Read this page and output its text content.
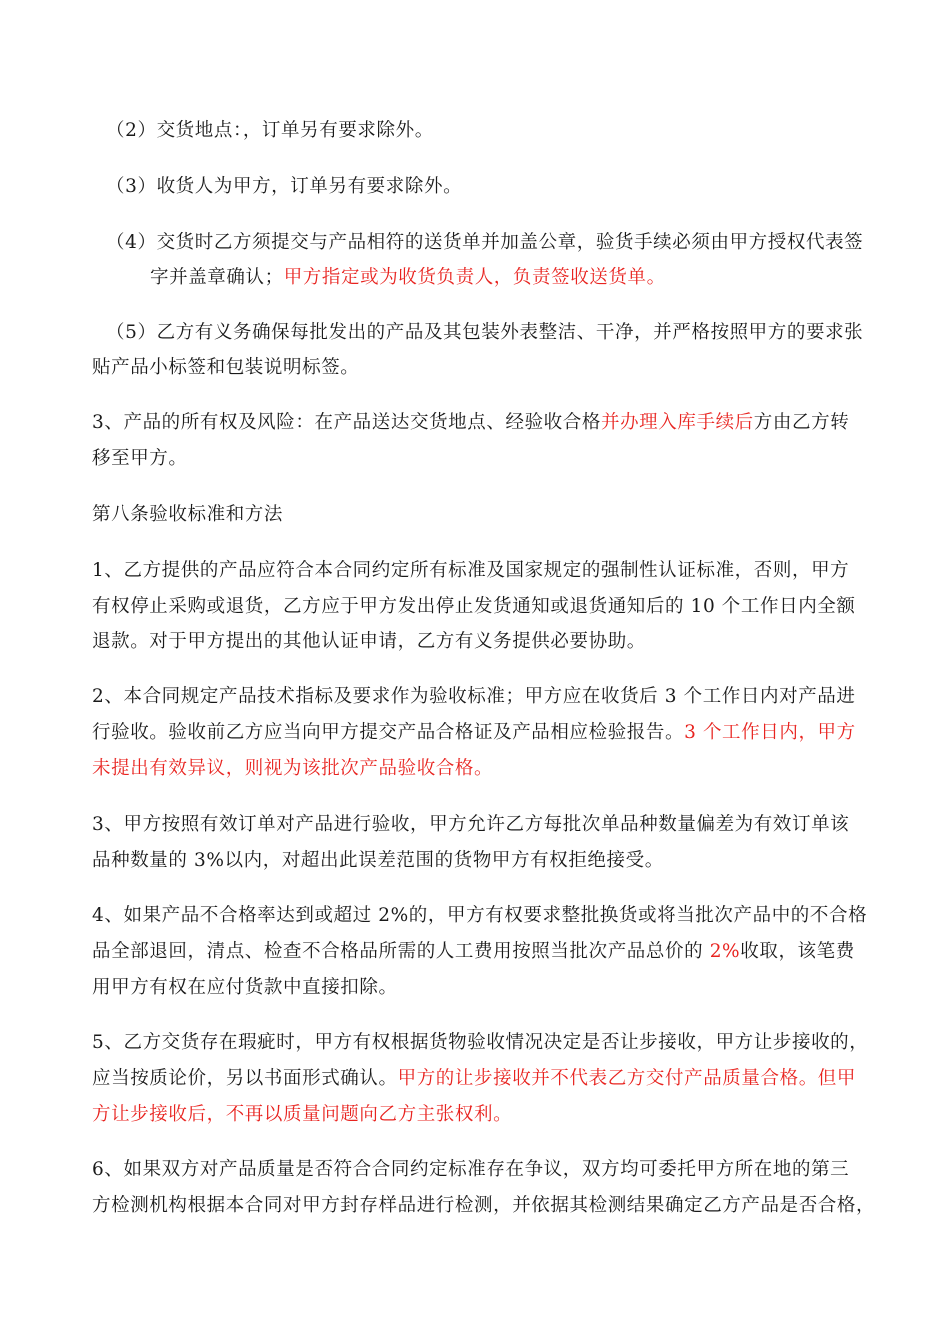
（2）交货地点：，订单另有要求除外。
（3）收货人为甲方，订单另有要求除外。
（4）交货时乙方须提交与产品相符的送货单并加盖公章，验货手续必须由甲方授权代表签
字并盖章确认；甲方指定或为收货负责人，负责签收送货单。
（5）乙方有义务确保每批发出的产品及其包装外表整洁、干净，并严格按照甲方的要求张
贴产品小标签和包装说明标签。
3、产品的所有权及风险：在产品送达交货地点、经验收合格并办理入库手续后方由乙方转
移至甲方。
第八条验收标准和方法
1、乙方提供的产品应符合本合同约定所有标准及国家规定的强制性认证标准，否则，甲方
有权停止采购或退货，乙方应于甲方发出停止发货通知或退货通知后的 10 个工作日内全额
退款。对于甲方提出的其他认证申请，乙方有义务提供必要协助。
2、本合同规定产品技术指标及要求作为验收标准；甲方应在收货后 3 个工作日内对产品进
行验收。验收前乙方应当向甲方提交产品合格证及产品相应检验报告。3 个工作日内，甲方
未提出有效异议，则视为该批次产品验收合格。
3、甲方按照有效订单对产品进行验收，甲方允许乙方每批次单品种数量偏差为有效订单该
品种数量的 3%以内，对超出此误差范围的货物甲方有权拒绝接受。
4、如果产品不合格率达到或超过 2%的，甲方有权要求整批换货或将当批次产品中的不合格
品全部退回，清点、检查不合格品所需的人工费用按照当批次产品总价的 2%收取，该笔费
用甲方有权在应付货款中直接扣除。
5、乙方交货存在瑕疵时，甲方有权根据货物验收情况决定是否让步接收，甲方让步接收的，
应当按质论价，另以书面形式确认。甲方的让步接收并不代表乙方交付产品质量合格。但甲
方让步接收后，不再以质量问题向乙方主张权利。
6、如果双方对产品质量是否符合合同约定标准存在争议，双方均可委托甲方所在地的第三
方检测机构根据本合同对甲方封存样品进行检测，并依据其检测结果确定乙方产品是否合格，
